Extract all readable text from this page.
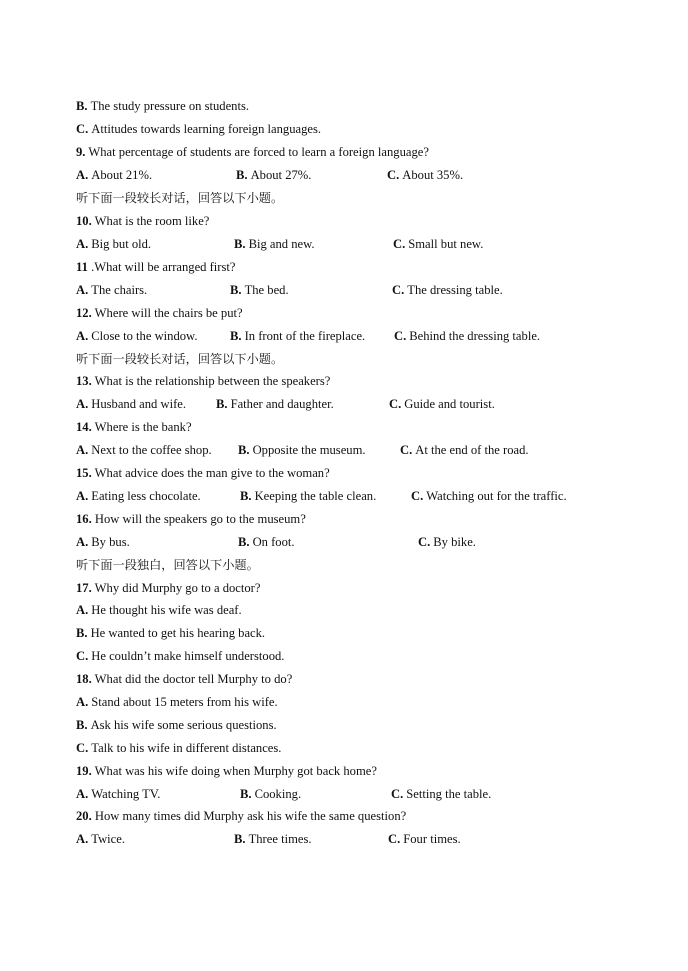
B. The study pressure on students.
C. Attitudes towards learning foreign languages.
9. What percentage of students are forced to learn a foreign language?
A. About 21%.	B. About 27%.	C. About 35%.
听下面一段较长对话，回答以下小题。
10. What is the room like?
A. Big but old.	B. Big and new.	C. Small but new.
11 .What will be arranged first?
A. The chairs.	B. The bed.	C. The dressing table.
12. Where will the chairs be put?
A. Close to the window.	B. In front of the fireplace. C. Behind the dressing table.
听下面一段较长对话，回答以下小题。
13. What is the relationship between the speakers?
A. Husband and wife. B. Father and daughter.	C. Guide and tourist.
14. Where is the bank?
A. Next to the coffee shop. B. Opposite the museum.	C. At the end of the road.
15. What advice does the man give to the woman?
A. Eating less chocolate.	B. Keeping the table clean.	C. Watching out for the traffic.
16. How will the speakers go to the museum?
A. By bus.	B. On foot.	C. By bike.
听下面一段独白，回答以下小题。
17. Why did Murphy go to a doctor?
A. He thought his wife was deaf.
B. He wanted to get his hearing back.
C. He couldn’t make himself understood.
18. What did the doctor tell Murphy to do?
A. Stand about 15 meters from his wife.
B. Ask his wife some serious questions.
C. Talk to his wife in different distances.
19. What was his wife doing when Murphy got back home?
A. Watching TV.	B. Cooking.	C. Setting the table.
20. How many times did Murphy ask his wife the same question?
A. Twice.	B. Three times.	C. Four times.
